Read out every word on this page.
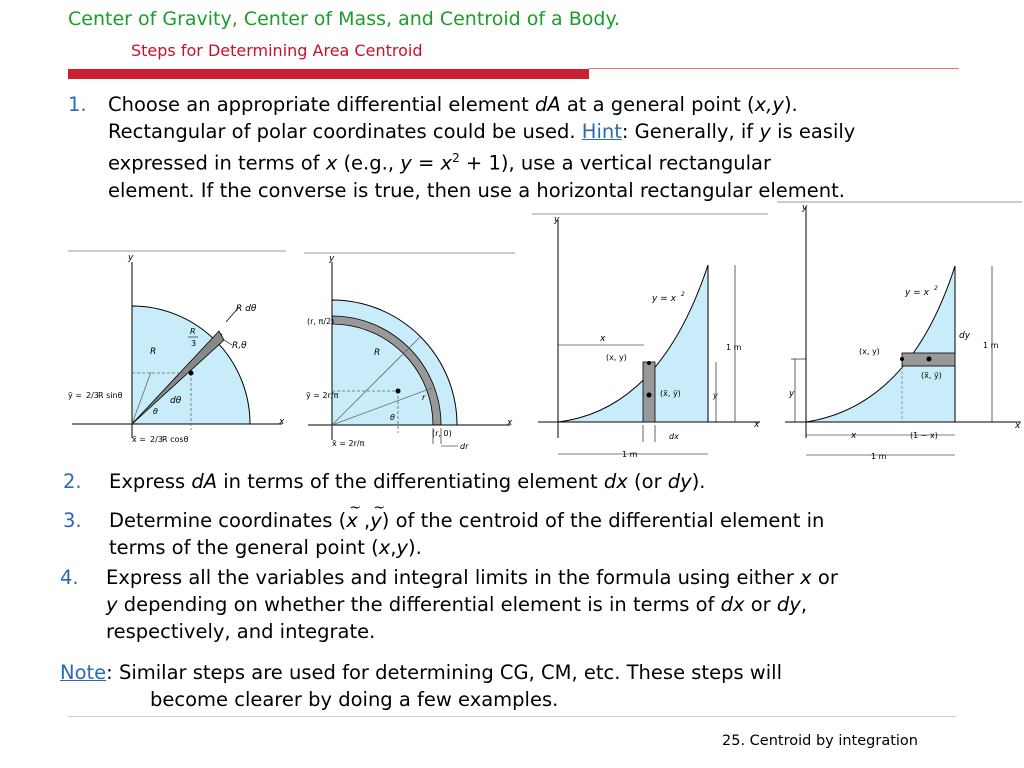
Center of Gravity, Center of Mass, and Centroid of a Body.
Steps for Determining Area Centroid
1. Choose an appropriate differential element dA at a general point (x,y).
Rectangular of polar coordinates could be used. Hint: Generally, if y is easily
expressed in terms of x (e.g., $y = x^2 + 1$), use a vertical rectangular
element. If the converse is true, then use a horizontal rectangular element.
y
x
R
R dθ
R
3	R,θ
ȳ = 2/3 R sinθ
dθ
θ
x̄ = 2/3 R cosθ
y
x
(r, π/2)
R
r
θ
ȳ = 2r/π
x̄ = 2r/π
(r, 0)
dr
y
x
y = x 2
x
(x, y)
(x̃, ỹ)	y
dx
1 m
1 m
y
x
y = x 2
(x, y)
dy
(x̃, ỹ)
y
1 m
x	(1 − x)
1 m
2. Express dA in terms of the differentiating element dx (or dy).
3. Determine coordinates (~ x ,~ y) of the centroid of the differential element in
terms of the general point (x,y).
4. Express all the variables and integral limits in the formula using either x or
y depending on whether the differential element is in terms of dx or dy,
respectively, and integrate.
Note: Similar steps are used for determining CG, CM, etc. These steps will
become clearer by doing a few examples.
25. Centroid by integration
